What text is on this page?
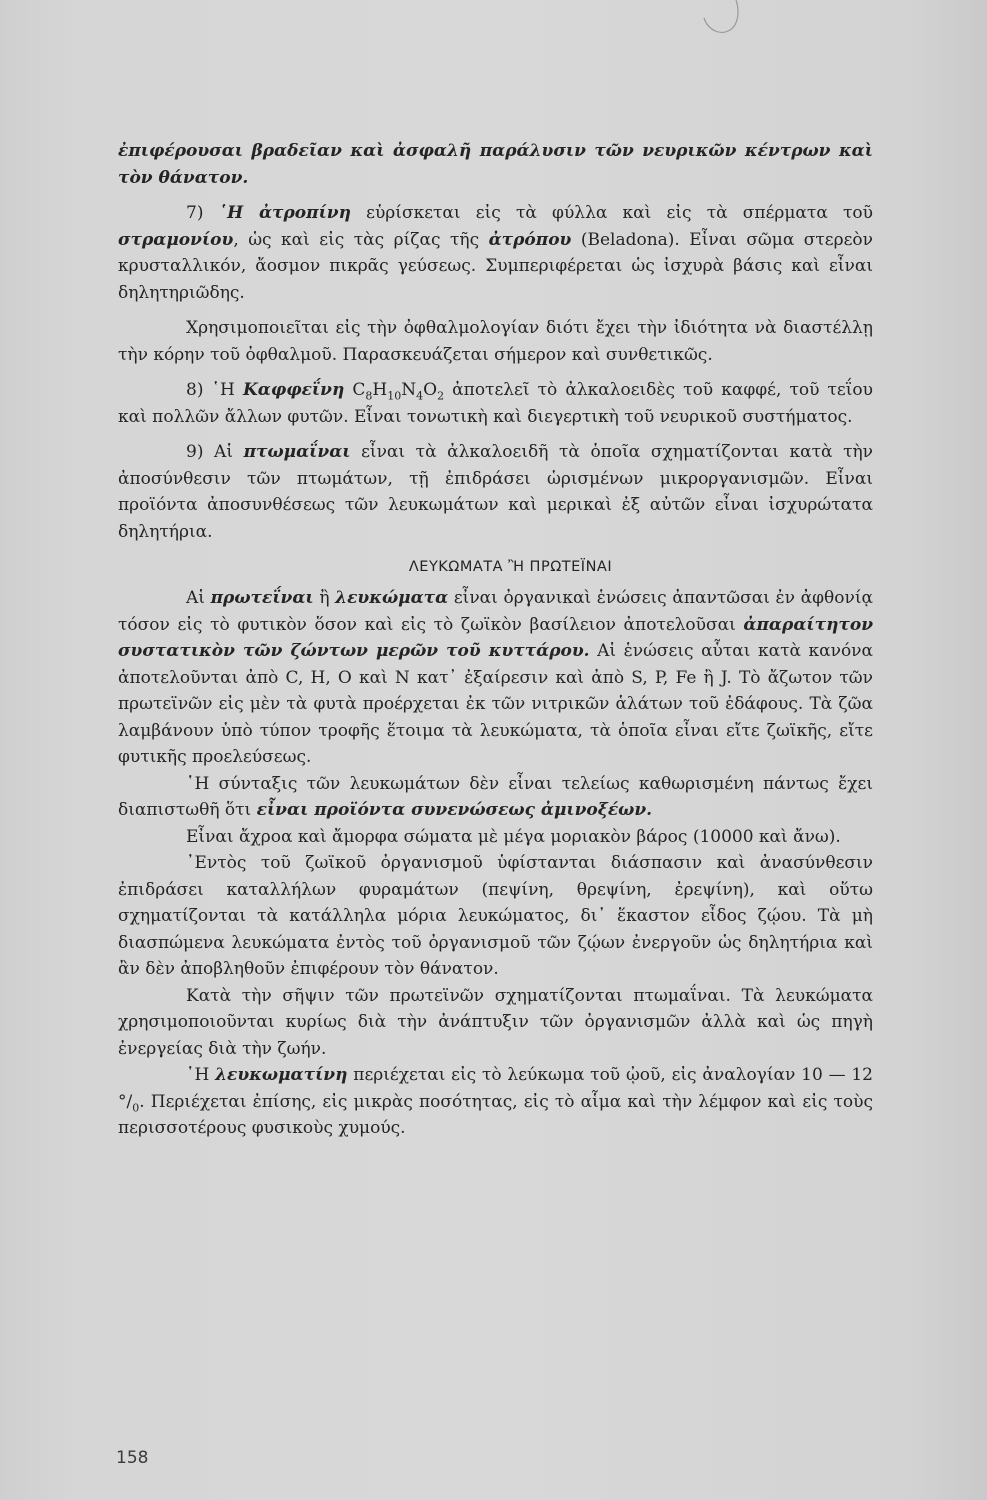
ἐπιφέρουσαι βραδεῖαν καὶ ἀσφαλῆ παράλυσιν τῶν νευρικῶν κέντρων καὶ τὸν θάνατον.

7) ῾Η ἀτροπίνη εὑρίσκεται εἰς τὰ φύλλα καὶ εἰς τὰ σπέρματα τοῦ στραμονίου, ὡς καὶ εἰς τὰς ρίζας τῆς ἀτρόπου (Beladona). Εἶναι σῶμα στερεὸν κρυσταλλικόν, ἄοσμον πικρᾶς γεύσεως. Συμπεριφέρεται ὡς ἰσχυρὰ βάσις καὶ εἶναι δηλητηριῶδης.

Χρησιμοποιεῖται εἰς τὴν ὀφθαλμολογίαν διότι ἔχει τὴν ἰδιότητα νὰ διαστέλλῃ τὴν κόρην τοῦ ὀφθαλμοῦ. Παρασκευάζεται σήμερον καὶ συνθετικῶς.

8) ῾Η Καφφεΐνη $C_8H_{10}N_4O_2$ ἀποτελεῖ τὸ ἀλκαλοειδὲς τοῦ καφφέ, τοῦ τεΐου καὶ πολλῶν ἄλλων φυτῶν. Εἶναι τονωτικὴ καὶ διεγερτικὴ τοῦ νευρικοῦ συστήματος.

9) Αἱ πτωμαΐναι εἶναι τὰ ἀλκαλοειδῆ τὰ ὁποῖα σχηματίζονται κατὰ τὴν ἀποσύνθεσιν τῶν πτωμάτων, τῇ ἐπιδράσει ὡρισμένων μικροργανισμῶν. Εἶναι προϊόντα ἀποσυνθέσεως τῶν λευκωμάτων καὶ μερικαὶ ἐξ αὐτῶν εἶναι ἰσχυρώτατα δηλητήρια.

ΛΕΥΚΩΜΑΤΑ Ἢ ΠΡΩΤΕΪΝΑΙ

Αἱ πρωτεΐναι ἢ λευκώματα εἶναι ὀργανικαὶ ἑνώσεις ἀπαντῶσαι ἐν ἀφθονίᾳ τόσον εἰς τὸ φυτικὸν ὅσον καὶ εἰς τὸ ζωϊκὸν βασίλειον ἀποτελοῦσαι ἀπαραίτητον συστατικὸν τῶν ζώντων μερῶν τοῦ κυττάρου. Αἱ ἑνώσεις αὗται κατὰ κανόνα ἀποτελοῦνται ἀπὸ C, H, O καὶ N κατ᾽ ἐξαίρεσιν καὶ ἀπὸ S, P, Fe ἢ J. Τὸ ἄζωτον τῶν πρωτεϊνῶν εἰς μὲν τὰ φυτὰ προέρχεται ἐκ τῶν νιτρικῶν ἁλάτων τοῦ ἐδάφους. Τὰ ζῶα λαμβάνουν ὑπὸ τύπον τροφῆς ἕτοιμα τὰ λευκώματα, τὰ ὁποῖα εἶναι εἴτε ζωϊκῆς, εἴτε φυτικῆς προελεύσεως.

῾Η σύνταξις τῶν λευκωμάτων δὲν εἶναι τελείως καθωρισμένη πάντως ἔχει διαπιστωθῆ ὅτι εἶναι προϊόντα συνενώσεως ἀμινοξέων.

Εἶναι ἄχροα καὶ ἄμορφα σώματα μὲ μέγα μοριακὸν βάρος (10000 καὶ ἄνω).

᾿Εντὸς τοῦ ζωϊκοῦ ὀργανισμοῦ ὑφίστανται διάσπασιν καὶ ἀνασύνθεσιν ἐπιδράσει καταλλήλων φυραμάτων (πεψίνη, θρεψίνη, ἐρεψίνη), καὶ οὕτω σχηματίζονται τὰ κατάλληλα μόρια λευκώματος, δι᾽ ἕκαστον εἶδος ζῴου. Τὰ μὴ διασπώμενα λευκώματα ἐντὸς τοῦ ὀργανισμοῦ τῶν ζῴων ἐνεργοῦν ὡς δηλητήρια καὶ ἂν δὲν ἀποβληθοῦν ἐπιφέρουν τὸν θάνατον.

Κατὰ τὴν σῆψιν τῶν πρωτεϊνῶν σχηματίζονται πτωμαΐναι. Τὰ λευκώματα χρησιμοποιοῦνται κυρίως διὰ τὴν ἀνάπτυξιν τῶν ὀργανισμῶν ἀλλὰ καὶ ὡς πηγὴ ἐνεργείας διὰ τὴν ζωήν.

῾Η λευκωματίνη περιέχεται εἰς τὸ λεύκωμα τοῦ ᾠοῦ, εἰς ἀναλογίαν 10 — 12 $^\circ/_0$. Περιέχεται ἐπίσης, εἰς μικρὰς ποσότητας, εἰς τὸ αἷμα καὶ τὴν λέμφον καὶ εἰς τοὺς περισσοτέρους φυσικοὺς χυμούς.

158
